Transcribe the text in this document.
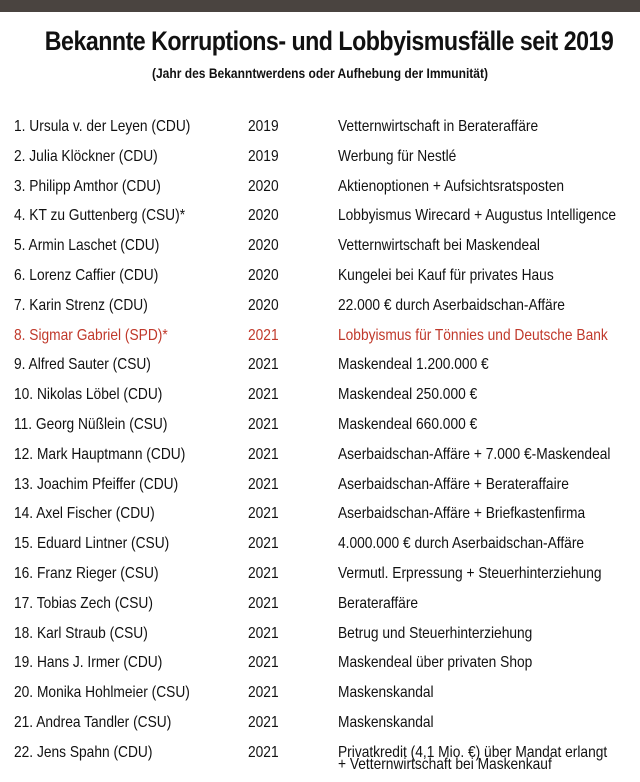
Bekannte Korruptions- und Lobbyismusfälle seit 2019
(Jahr des Bekanntwerdens oder Aufhebung der Immunität)
1. Ursula v. der Leyen (CDU)	2019	Vetternwirtschaft in Berateraffäre
2. Julia Klöckner (CDU)	2019	Werbung für Nestlé
3. Philipp Amthor (CDU)	2020	Aktienoptionen + Aufsichtsratsposten
4. KT zu Guttenberg (CSU)*	2020	Lobbyismus Wirecard + Augustus Intelligence
5. Armin Laschet (CDU)	2020	Vetternwirtschaft bei Maskendeal
6. Lorenz Caffier (CDU)	2020	Kungelei bei Kauf für privates Haus
7. Karin Strenz (CDU)	2020	22.000 € durch Aserbaidschan-Affäre
8. Sigmar Gabriel (SPD)*	2021	Lobbyismus für Tönnies und Deutsche Bank
9. Alfred Sauter (CSU)	2021	Maskendeal 1.200.000 €
10. Nikolas Löbel (CDU)	2021	Maskendeal 250.000 €
11. Georg Nüßlein (CSU)	2021	Maskendeal 660.000 €
12. Mark Hauptmann (CDU)	2021	Aserbaidschan-Affäre + 7.000 €-Maskendeal
13. Joachim Pfeiffer (CDU)	2021	Aserbaidschan-Affäre + Berateraffaire
14. Axel Fischer (CDU)	2021	Aserbaidschan-Affäre + Briefkastenfirma
15. Eduard Lintner (CSU)	2021	4.000.000 € durch Aserbaidschan-Affäre
16. Franz Rieger (CSU)	2021	Vermutl. Erpressung + Steuerhinterziehung
17. Tobias Zech (CSU)	2021	Berateraffäre
18. Karl Straub (CSU)	2021	Betrug und Steuerhinterziehung
19. Hans J. Irmer (CDU)	2021	Maskendeal über privaten Shop
20. Monika Hohlmeier (CSU)	2021	Maskenskandal
21. Andrea Tandler (CSU)	2021	Maskenskandal
22. Jens Spahn (CDU)	2021	Privatkredit (4,1 Mio. €) über Mandat erlangt
+ Vetternwirtschaft bei Maskenkauf
